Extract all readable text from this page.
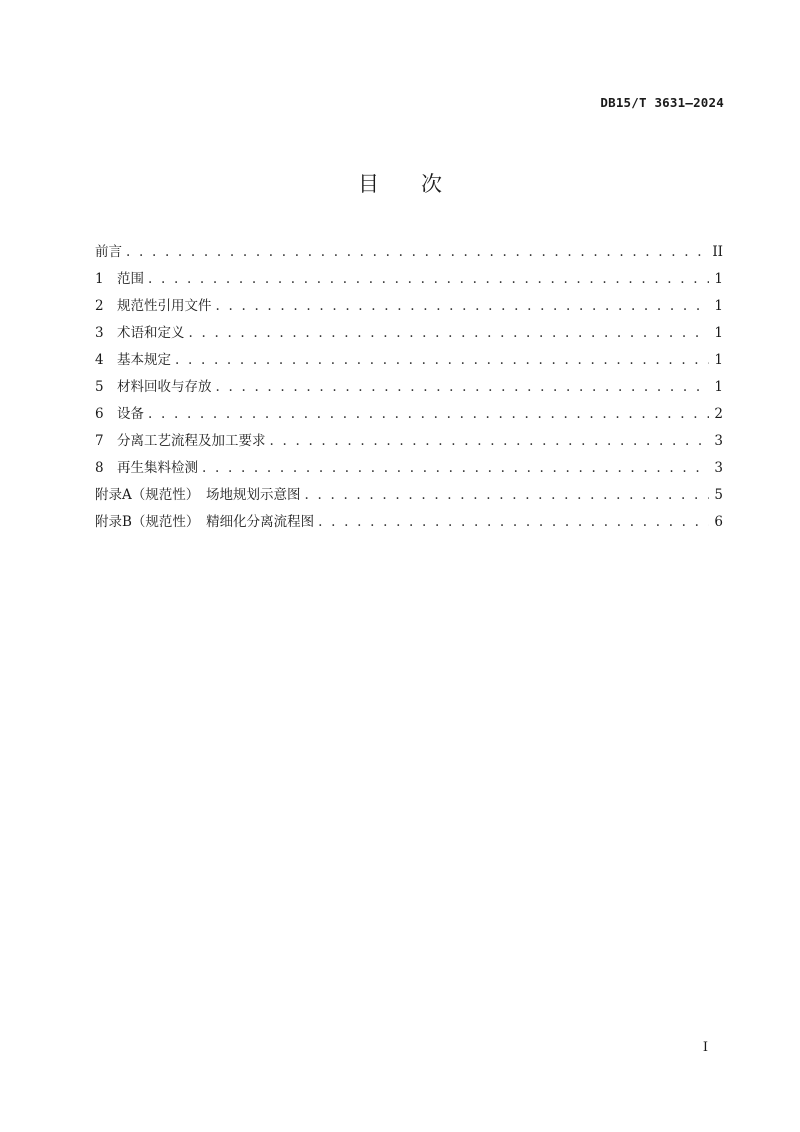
DB15/T 3631—2024
目次
前言 . . .	II
1 范围 . . .	1
2 规范性引用文件 . . .	1
3 术语和定义 . . .	1
4 基本规定 . . .	1
5 材料回收与存放 . . .	1
6 设备 . . .	2
7 分离工艺流程及加工要求 . . .	3
8 再生集料检测 . . .	3
附录A（规范性）　场地规划示意图 . . .	5
附录B（规范性）　精细化分离流程图 . . .	6
I
